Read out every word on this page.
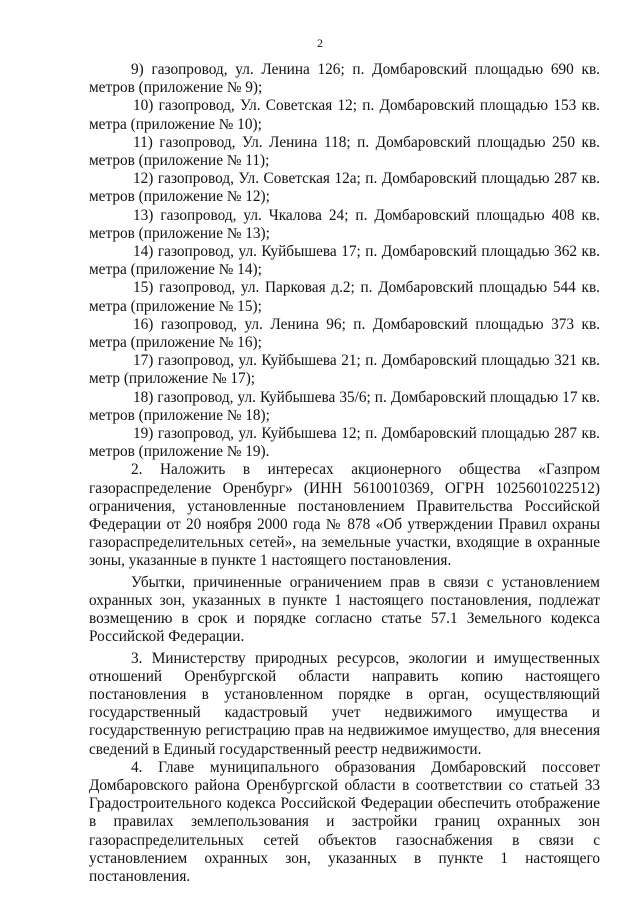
2

9) газопровод, ул. Ленина 126; п. Домбаровский площадью 690 кв. метров (приложение № 9);

10) газопровод, Ул. Советская 12; п. Домбаровский площадью 153 кв. метра (приложение № 10);

11) газопровод, Ул. Ленина 118; п. Домбаровский площадью 250 кв. метров (приложение № 11);

12) газопровод, Ул. Советская 12а; п. Домбаровский площадью 287 кв. метров (приложение № 12);

13) газопровод, ул. Чкалова 24; п. Домбаровский площадью 408 кв. метров (приложение № 13);

14) газопровод, ул. Куйбышева 17; п. Домбаровский площадью 362 кв. метра (приложение № 14);

15) газопровод, ул. Парковая д.2; п. Домбаровский площадью 544 кв. метра (приложение № 15);

16) газопровод, ул. Ленина 96; п. Домбаровский площадью 373 кв. метра (приложение № 16);

17) газопровод, ул. Куйбышева 21; п. Домбаровский площадью 321 кв. метр (приложение № 17);

18) газопровод, ул. Куйбышева 35/6; п. Домбаровский площадью 17 кв. метров (приложение № 18);

19) газопровод, ул. Куйбышева 12; п. Домбаровский площадью 287 кв. метров (приложение № 19).

2. Наложить в интересах акционерного общества «Газпром газораспределение Оренбург» (ИНН 5610010369, ОГРН 1025601022512) ограничения, установленные постановлением Правительства Российской Федерации от 20 ноября 2000 года № 878 «Об утверждении Правил охраны газораспределительных сетей», на земельные участки, входящие в охранные зоны, указанные в пункте 1 настоящего постановления.

Убытки, причиненные ограничением прав в связи с установлением охранных зон, указанных в пункте 1 настоящего постановления, подлежат возмещению в срок и порядке согласно статье 57.1 Земельного кодекса Российской Федерации.

3. Министерству природных ресурсов, экологии и имущественных отношений Оренбургской области направить копию настоящего постановления в установленном порядке в орган, осуществляющий государственный кадастровый учет недвижимого имущества и государственную регистрацию прав на недвижимое имущество, для внесения сведений в Единый государственный реестр недвижимости.

4. Главе муниципального образования Домбаровский поссовет Домбаровского района Оренбургской области в соответствии со статьей 33 Градостроительного кодекса Российской Федерации обеспечить отображение в правилах землепользования и застройки границ охранных зон газораспределительных сетей объектов газоснабжения в связи с установлением охранных зон, указанных в пункте 1 настоящего постановления.
